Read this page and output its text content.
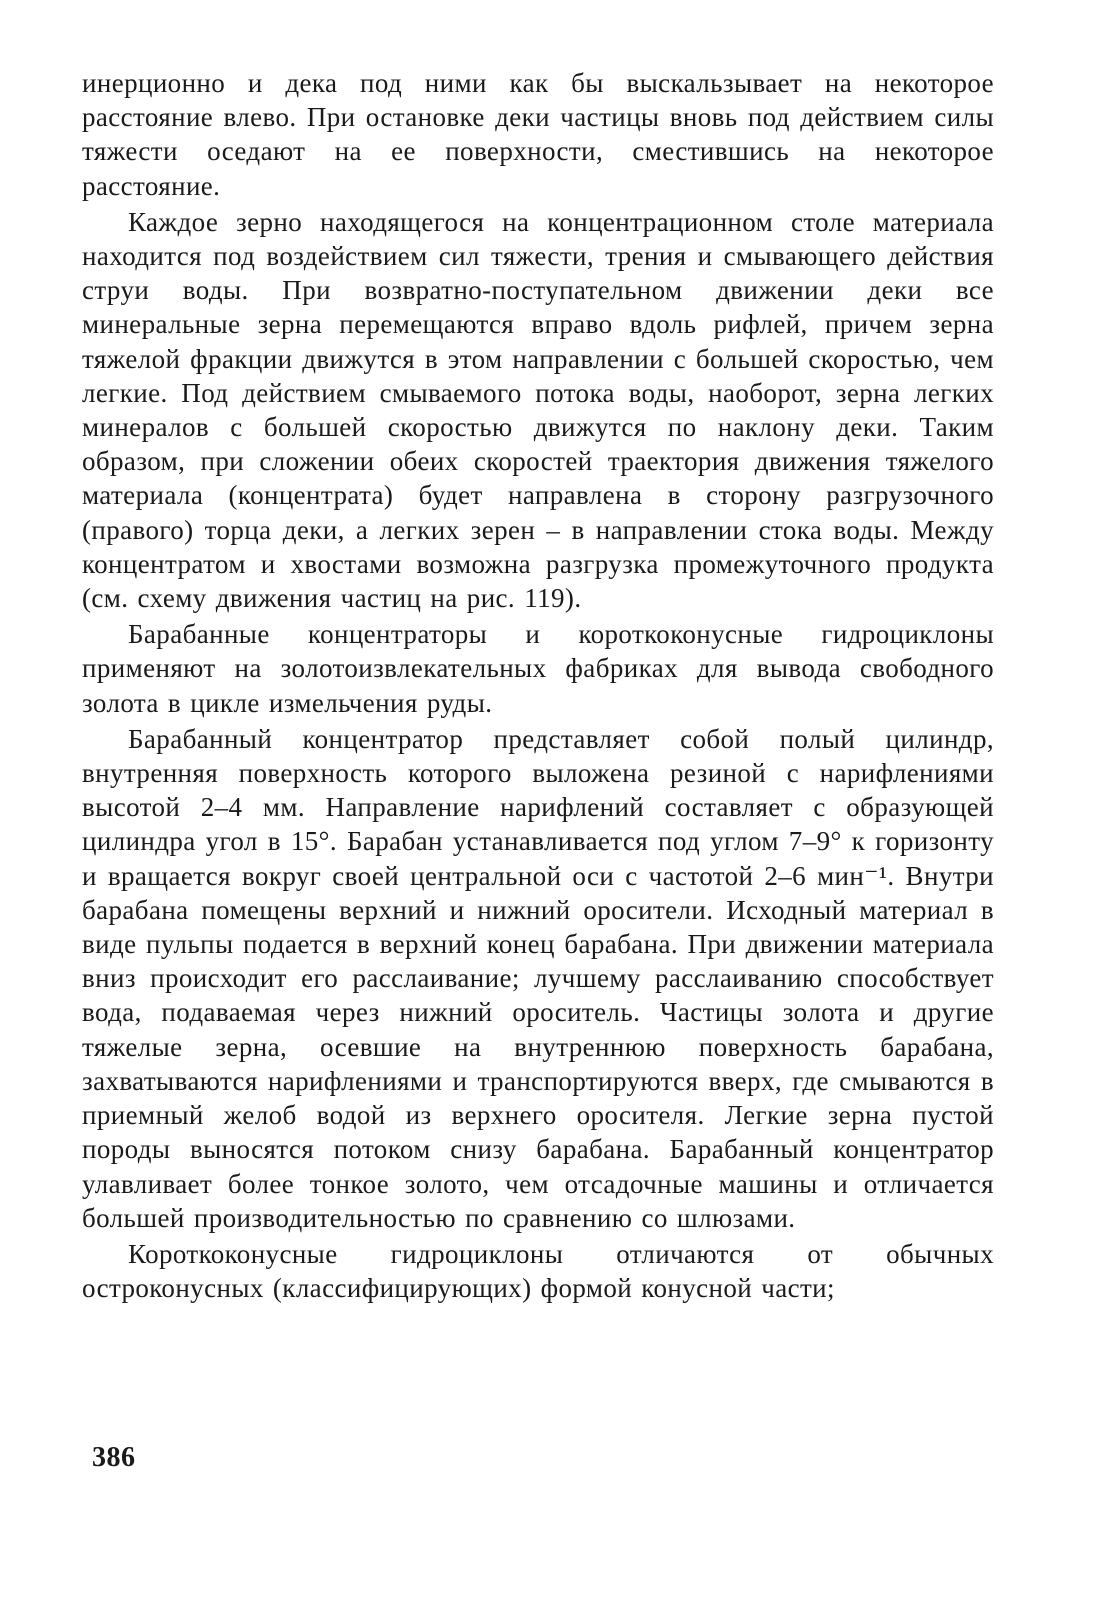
инерционно и дека под ними как бы выскальзывает на некоторое расстояние влево. При остановке деки частицы вновь под действием силы тяжести оседают на ее поверхности, сместившись на некоторое расстояние.

Каждое зерно находящегося на концентрационном столе материала находится под воздействием сил тяжести, трения и смывающего действия струи воды. При возвратно-поступательном движении деки все минеральные зерна перемещаются вправо вдоль рифлей, причем зерна тяжелой фракции движутся в этом направлении с большей скоростью, чем легкие. Под действием смываемого потока воды, наоборот, зерна легких минералов с большей скоростью движутся по наклону деки. Таким образом, при сложении обеих скоростей траектория движения тяжелого материала (концентрата) будет направлена в сторону разгрузочного (правого) торца деки, а легких зерен – в направлении стока воды. Между концентратом и хвостами возможна разгрузка промежуточного продукта (см. схему движения частиц на рис. 119).

Барабанные концентраторы и короткоконусные гидроциклоны применяют на золотоизвлекательных фабриках для вывода свободного золота в цикле измельчения руды.

Барабанный концентратор представляет собой полый цилиндр, внутренняя поверхность которого выложена резиной с нарифлениями высотой 2–4 мм. Направление нарифлений составляет с образующей цилиндра угол в 15°. Барабан устанавливается под углом 7–9° к горизонту и вращается вокруг своей центральной оси с частотой 2–6 мин⁻¹. Внутри барабана помещены верхний и нижний оросители. Исходный материал в виде пульпы подается в верхний конец барабана. При движении материала вниз происходит его расслаивание; лучшему расслаиванию способствует вода, подаваемая через нижний ороситель. Частицы золота и другие тяжелые зерна, осевшие на внутреннюю поверхность барабана, захватываются нарифлениями и транспортируются вверх, где смываются в приемный желоб водой из верхнего оросителя. Легкие зерна пустой породы выносятся потоком снизу барабана. Барабанный концентратор улавливает более тонкое золото, чем отсадочные машины и отличается большей производительностью по сравнению со шлюзами.

Короткоконусные гидроциклоны отличаются от обычных остроконусных (классифицирующих) формой конусной части;

386
